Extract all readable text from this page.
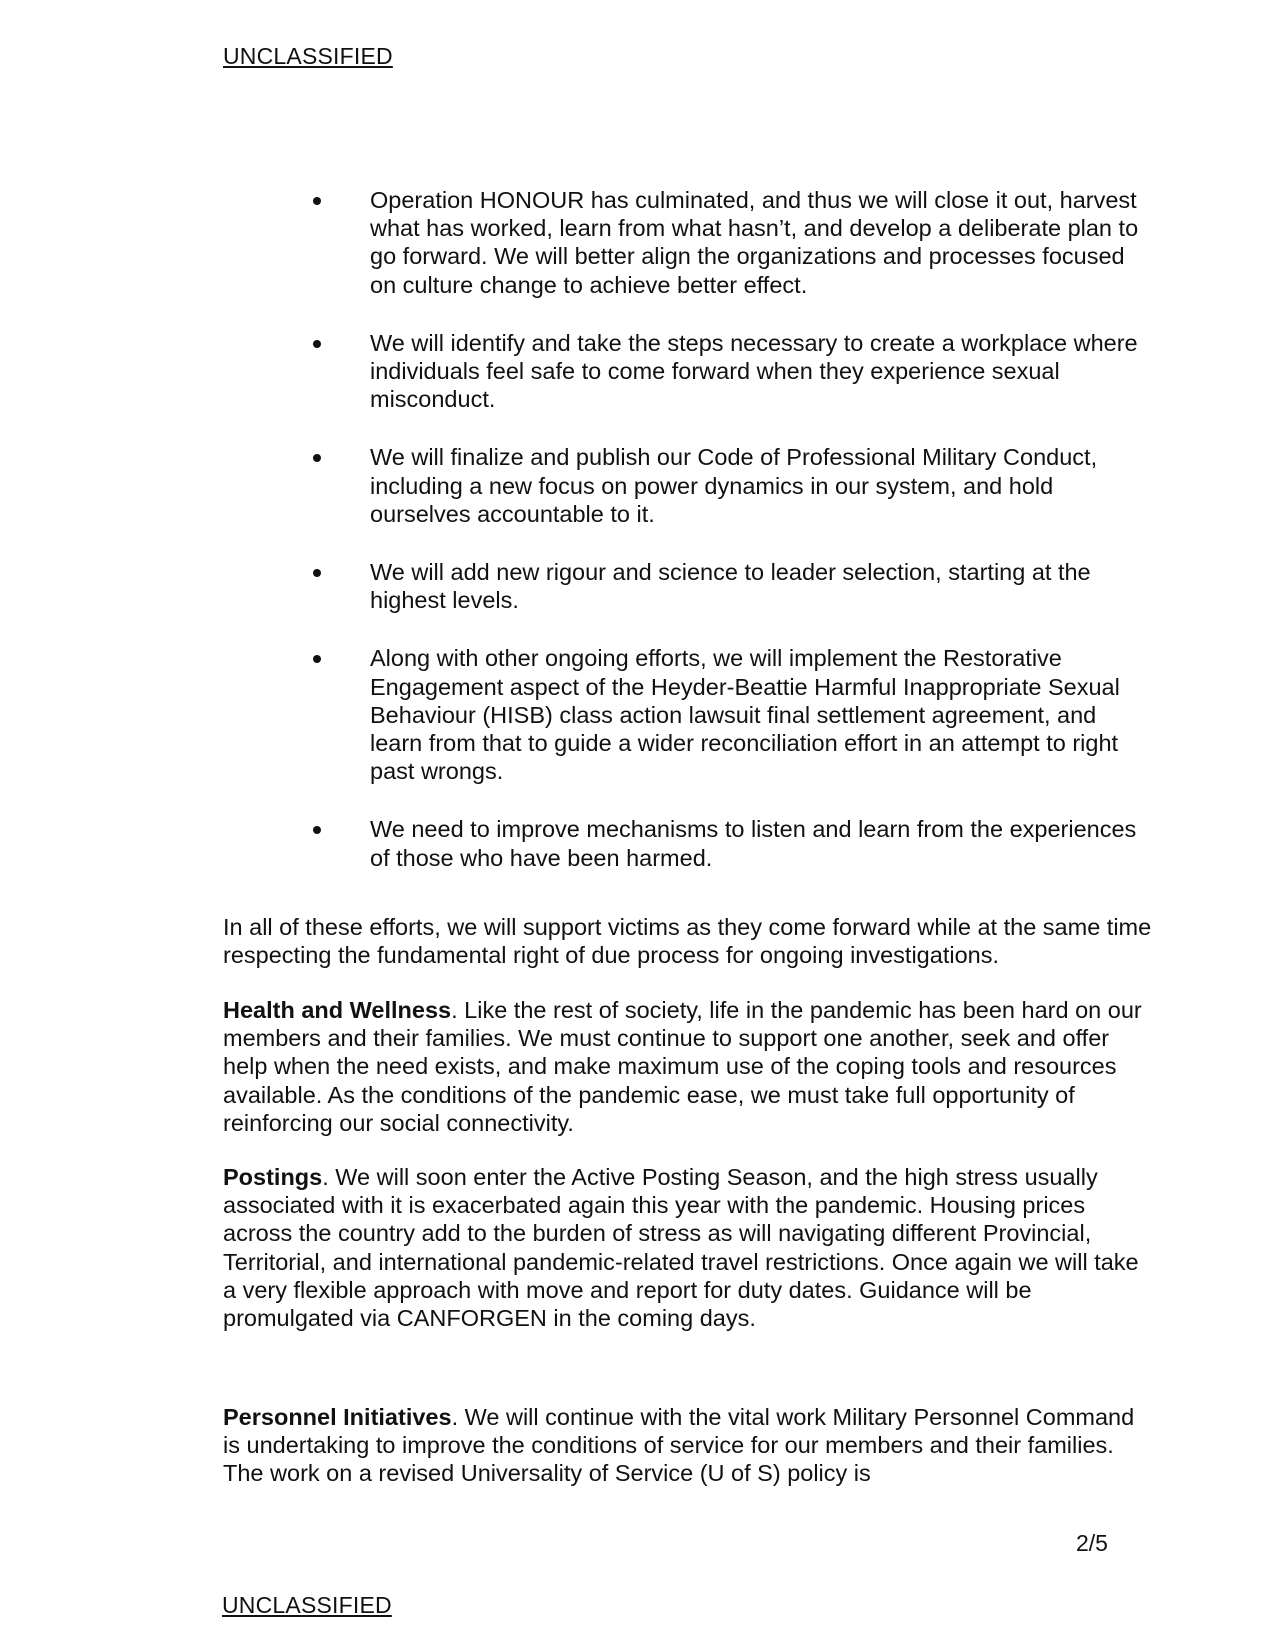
UNCLASSIFIED
Operation HONOUR has culminated, and thus we will close it out, harvest what has worked, learn from what hasn’t, and develop a deliberate plan to go forward. We will better align the organizations and processes focused on culture change to achieve better effect.
We will identify and take the steps necessary to create a workplace where individuals feel safe to come forward when they experience sexual misconduct.
We will finalize and publish our Code of Professional Military Conduct, including a new focus on power dynamics in our system, and hold ourselves accountable to it.
We will add new rigour and science to leader selection, starting at the highest levels.
Along with other ongoing efforts, we will implement the Restorative Engagement aspect of the Heyder-Beattie Harmful Inappropriate Sexual Behaviour (HISB) class action lawsuit final settlement agreement, and learn from that to guide a wider reconciliation effort in an attempt to right past wrongs.
We need to improve mechanisms to listen and learn from the experiences of those who have been harmed.

In all of these efforts, we will support victims as they come forward while at the same time respecting the fundamental right of due process for ongoing investigations.

Health and Wellness. Like the rest of society, life in the pandemic has been hard on our members and their families. We must continue to support one another, seek and offer help when the need exists, and make maximum use of the coping tools and resources available. As the conditions of the pandemic ease, we must take full opportunity of reinforcing our social connectivity.

Postings. We will soon enter the Active Posting Season, and the high stress usually associated with it is exacerbated again this year with the pandemic. Housing prices across the country add to the burden of stress as will navigating different Provincial, Territorial, and international pandemic-related travel restrictions. Once again we will take a very flexible approach with move and report for duty dates. Guidance will be promulgated via CANFORGEN in the coming days.

Personnel Initiatives. We will continue with the vital work Military Personnel Command is undertaking to improve the conditions of service for our members and their families. The work on a revised Universality of Service (U of S) policy is

2/5
UNCLASSIFIED
